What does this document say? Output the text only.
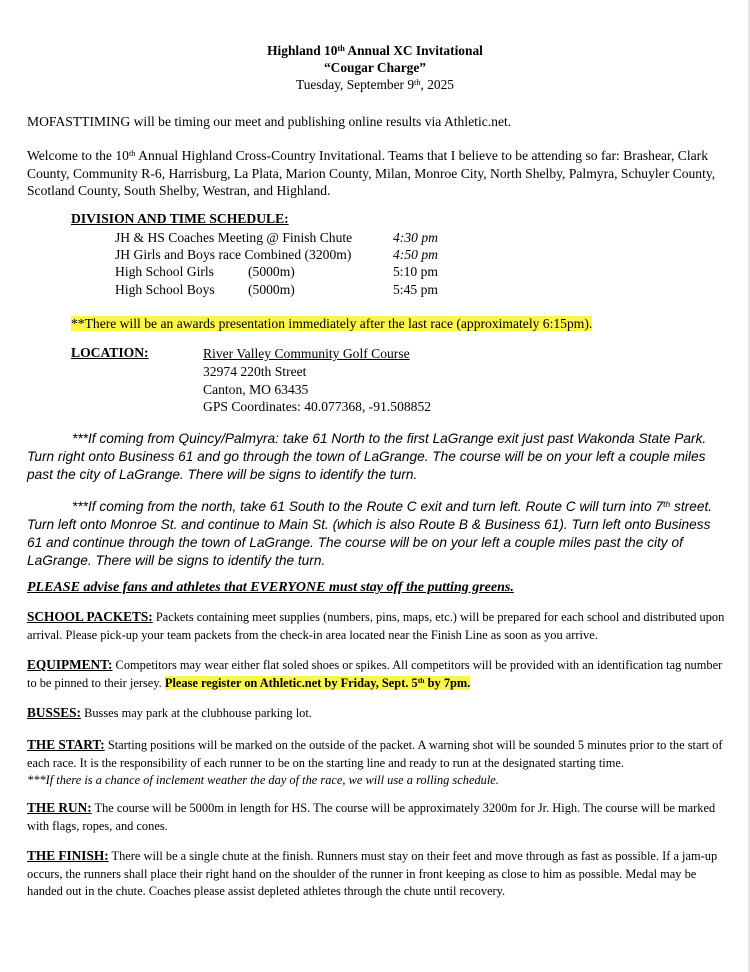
Highland 10th Annual XC Invitational
“Cougar Charge”
Tuesday, September 9th, 2025
MOFASTTIMING will be timing our meet and publishing online results via Athletic.net.
Welcome to the 10th Annual Highland Cross-Country Invitational. Teams that I believe to be attending so far: Brashear, Clark County, Community R-6, Harrisburg, La Plata, Marion County, Milan, Monroe City, North Shelby, Palmyra, Schuyler County, Scotland County, South Shelby, Westran, and Highland.
DIVISION AND TIME SCHEDULE:
JH & HS Coaches Meeting @ Finish Chute	4:30 pm
JH Girls and Boys race Combined (3200m)	4:50 pm
High School Girls	(5000m)	5:10 pm
High School Boys (5000m)	5:45 pm
**There will be an awards presentation immediately after the last race (approximately 6:15pm).
LOCATION:	River Valley Community Golf Course
32974 220th Street
Canton, MO 63435
GPS Coordinates: 40.077368, -91.508852
***If coming from Quincy/Palmyra: take 61 North to the first LaGrange exit just past Wakonda State Park. Turn right onto Business 61 and go through the town of LaGrange. The course will be on your left a couple miles past the city of LaGrange. There will be signs to identify the turn.
***If coming from the north, take 61 South to the Route C exit and turn left. Route C will turn into 7th street. Turn left onto Monroe St. and continue to Main St. (which is also Route B & Business 61). Turn left onto Business 61 and continue through the town of LaGrange. The course will be on your left a couple miles past the city of LaGrange. There will be signs to identify the turn.
PLEASE advise fans and athletes that EVERYONE must stay off the putting greens.
SCHOOL PACKETS: Packets containing meet supplies (numbers, pins, maps, etc.) will be prepared for each school and distributed upon arrival. Please pick-up your team packets from the check-in area located near the Finish Line as soon as you arrive.
EQUIPMENT: Competitors may wear either flat soled shoes or spikes. All competitors will be provided with an identification tag number to be pinned to their jersey. Please register on Athletic.net by Friday, Sept. 5th by 7pm.
BUSSES: Busses may park at the clubhouse parking lot.
THE START: Starting positions will be marked on the outside of the packet. A warning shot will be sounded 5 minutes prior to the start of each race. It is the responsibility of each runner to be on the starting line and ready to run at the designated starting time.
***If there is a chance of inclement weather the day of the race, we will use a rolling schedule.
THE RUN: The course will be 5000m in length for HS. The course will be approximately 3200m for Jr. High. The course will be marked with flags, ropes, and cones.
THE FINISH: There will be a single chute at the finish. Runners must stay on their feet and move through as fast as possible. If a jam-up occurs, the runners shall place their right hand on the shoulder of the runner in front keeping as close to him as possible. Medal may be handed out in the chute. Coaches please assist depleted athletes through the chute until recovery.
